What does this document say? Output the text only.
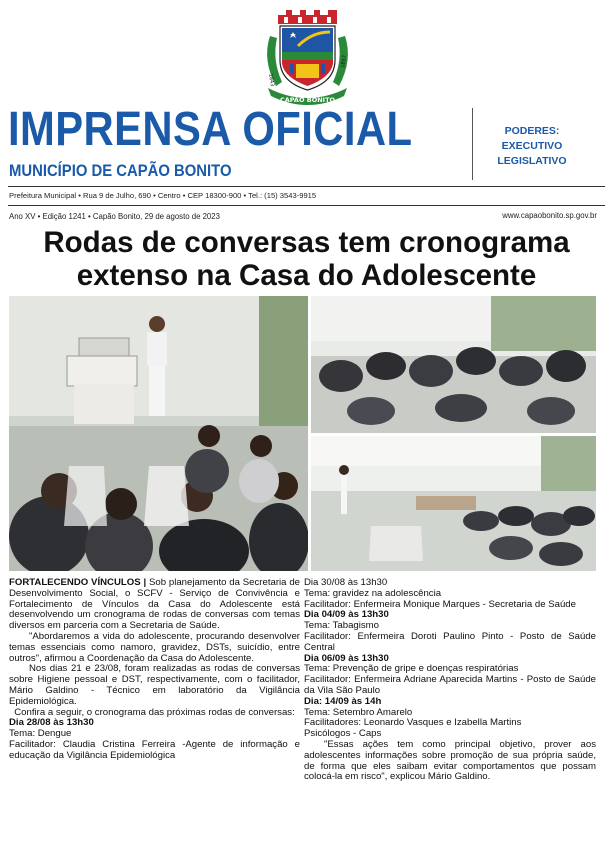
CAPÃO BONITO
1843
1857
IMPRENSA OFICIAL
MUNICÍPIO DE CAPÃO BONITO
PODERES:
EXECUTIVO
LEGISLATIVO
Prefeitura Municipal • Rua 9 de Julho, 690 • Centro • CEP 18300-900 • Tel.: (15) 3543-9915
Ano XV • Edição 1241 • Capão Bonito, 29 de agosto de 2023	www.capaobonito.sp.gov.br
Rodas de conversas tem cronograma
extenso na Casa do Adolescente

FORTALECENDO VÍNCULOS | Sob planejamento da Secretaria de Desenvolvimento Social, o SCFV - Serviço de Convivência e Fortalecimento de Vínculos da Casa do Adolescente está desenvolvendo um cronograma de rodas de conversas com temas diversos em parceria com a Secretaria de Saúde.

"Abordaremos a vida do adolescente, procurando desenvolver temas essenciais como namoro, gravidez, DSTs, suicídio, entre outros", afirmou a Coordenação da Casa do Adolescente.

Nos dias 21 e 23/08, foram realizadas as rodas de conversas sobre Higiene pessoal e DST, respectivamente, com o facilitador, Mário Galdino - Técnico em laboratório da Vigilância Epidemiológica.

Confira a seguir, o cronograma das próximas rodas de conversas:

Dia 28/08 às 13h30

Tema: Dengue

Facilitador: Claudia Cristina Ferreira -Agente de informação e educação da Vigilância Epidemiológica

Dia 30/08 às 13h30

Tema: gravidez na adolescência

Facilitador: Enfermeira Monique Marques - Secretaria de Saúde

Dia 04/09 às 13h30

Tema: Tabagismo

Facilitador: Enfermeira Doroti Paulino Pinto - Posto de Saúde Central

Dia 06/09 às 13h30

Tema: Prevenção de gripe e doenças respiratórias

Facilitador: Enfermeira Adriane Aparecida Martins - Posto de Saúde da Vila São Paulo

Dia: 14/09 às 14h

Tema: Setembro Amarelo

Facilitadores: Leonardo Vasques e Izabella Martins

Psicólogos - Caps

"Essas ações tem como principal objetivo, prover aos adolescentes informações sobre promoção de sua própria saúde, de forma que eles saibam evitar comportamentos que possam colocá-la em risco", explicou Mário Galdino.
